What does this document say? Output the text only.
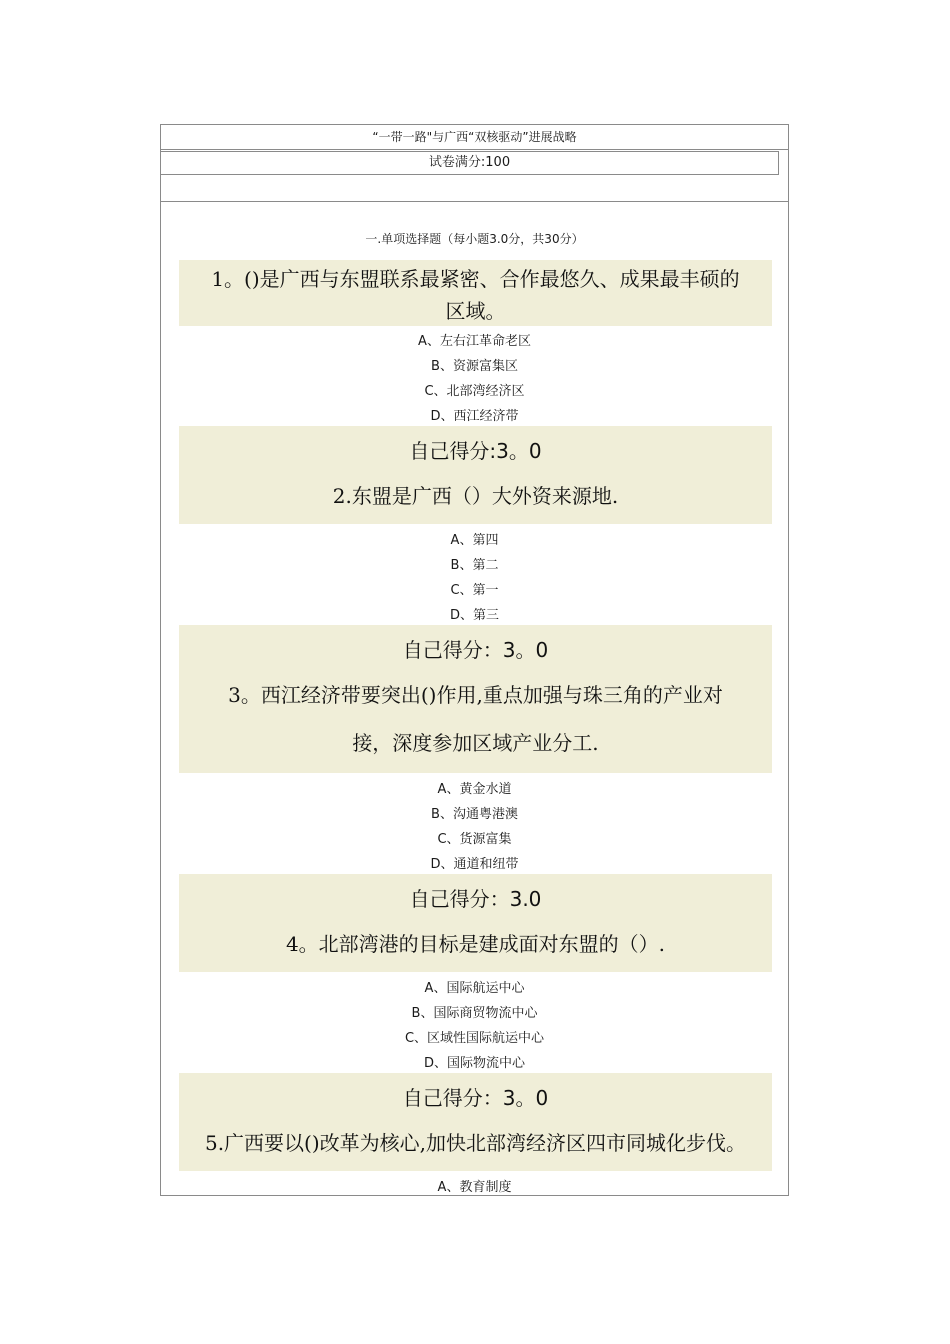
“一带一路"与广西“双核驱动”进展战略
试卷满分:100
一.单项选择题（每小题3.0分，共30分）
1。()是广西与东盟联系最紧密、合作最悠久、成果最丰硕的
区域。
A、左右江革命老区
B、资源富集区
C、北部湾经济区
D、西江经济带
自己得分:3。0
2.东盟是广西（）大外资来源地.
A、第四
B、第二
C、第一
D、第三
自己得分：3。0
3。西江经济带要突出()作用,重点加强与珠三角的产业对
接，深度参加区域产业分工.
A、黄金水道
B、沟通粤港澳
C、货源富集
D、通道和纽带
自己得分：3.0
4。北部湾港的目标是建成面对东盟的（）.
A、国际航运中心
B、国际商贸物流中心
C、区域性国际航运中心
D、国际物流中心
自己得分：3。0
5.广西要以()改革为核心,加快北部湾经济区四市同城化步伐。
A、教育制度
